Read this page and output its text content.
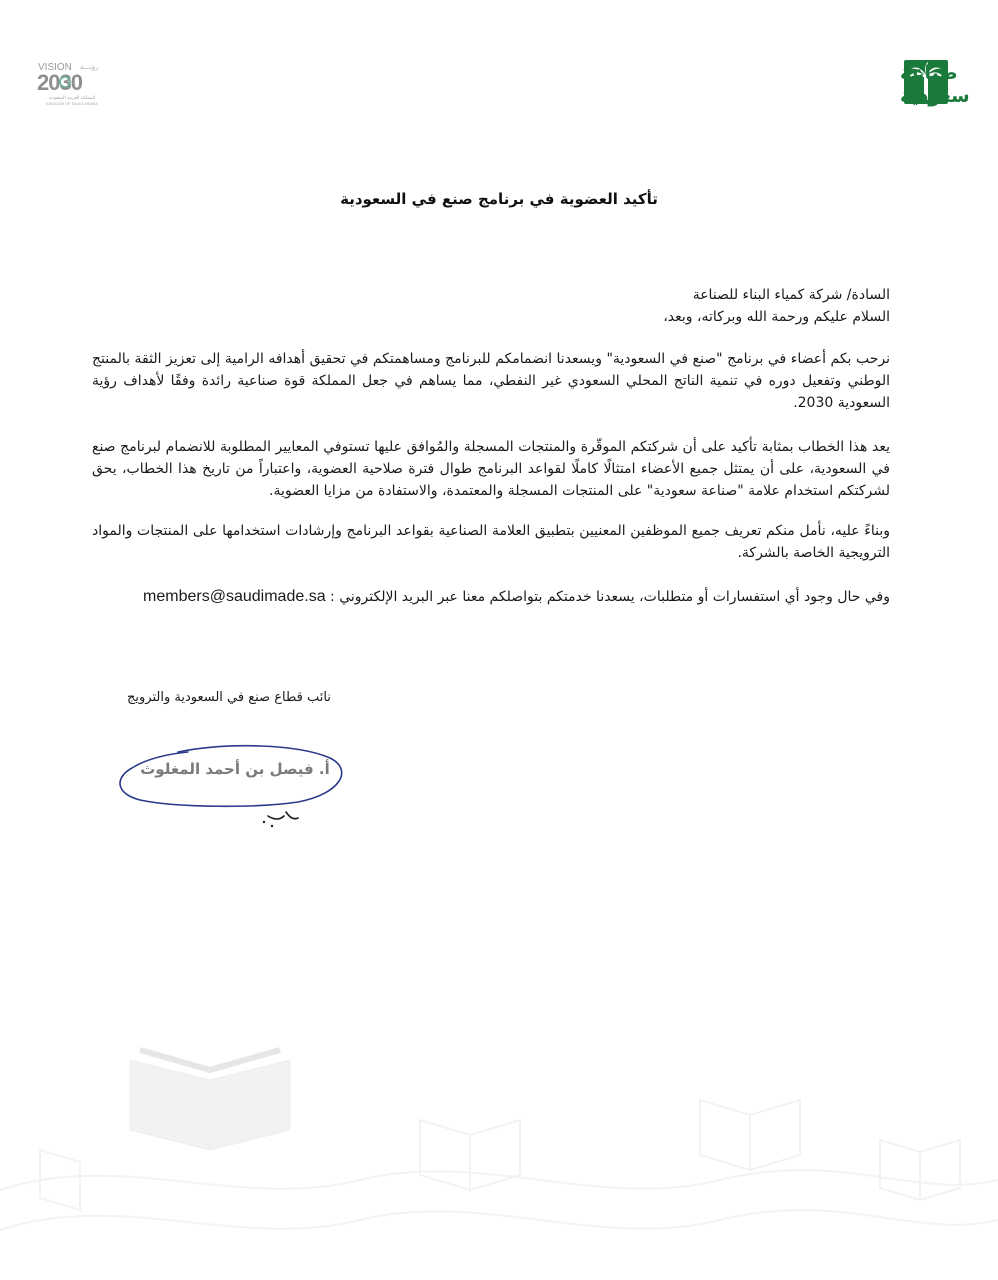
VISION رؤيـــة
2030
المملكة العربية السعودية
KINGDOM OF SAUDI ARABIA
صناعة
سعودية
تأكيد العضوية في برنامج صنع في السعودية
السادة/ شركة كمياء البناء للصناعة
السلام عليكم ورحمة الله وبركاته، وبعد،
نرحب بكم أعضاء في برنامج "صنع في السعودية" ويسعدنا انضمامكم للبرنامج ومساهمتكم في تحقيق أهدافه الرامية إلى تعزيز الثقة بالمنتج الوطني وتفعيل دوره في تنمية الناتج المحلي السعودي غير النفطي، مما يساهم في جعل المملكة قوة صناعية رائدة وفقًا لأهداف رؤية السعودية 2030.
يعد هذا الخطاب بمثابة تأكيد على أن شركتكم الموقّرة والمنتجات المسجلة والمُوافق عليها تستوفي المعايير المطلوبة للانضمام لبرنامج صنع في السعودية، على أن يمتثل جميع الأعضاء امتثالًا كاملًا لقواعد البرنامج طوال فترة صلاحية العضوية، واعتباراً من تاريخ هذا الخطاب، يحق لشركتكم استخدام علامة "صناعة سعودية" على المنتجات المسجلة والمعتمدة، والاستفادة من مزايا العضوية.
وبناءً عليه، نأمل منكم تعريف جميع الموظفين المعنيين بتطبيق العلامة الصناعية بقواعد البرنامج وإرشادات استخدامها على المنتجات والمواد الترويجية الخاصة بالشركة.
وفي حال وجود أي استفسارات أو متطلبات، يسعدنا خدمتكم بتواصلكم معنا عبر البريد الإلكتروني : members@saudimade.sa
نائب قطاع صنع في السعودية والترويج
أ. فيصل بن أحمد المغلوث
